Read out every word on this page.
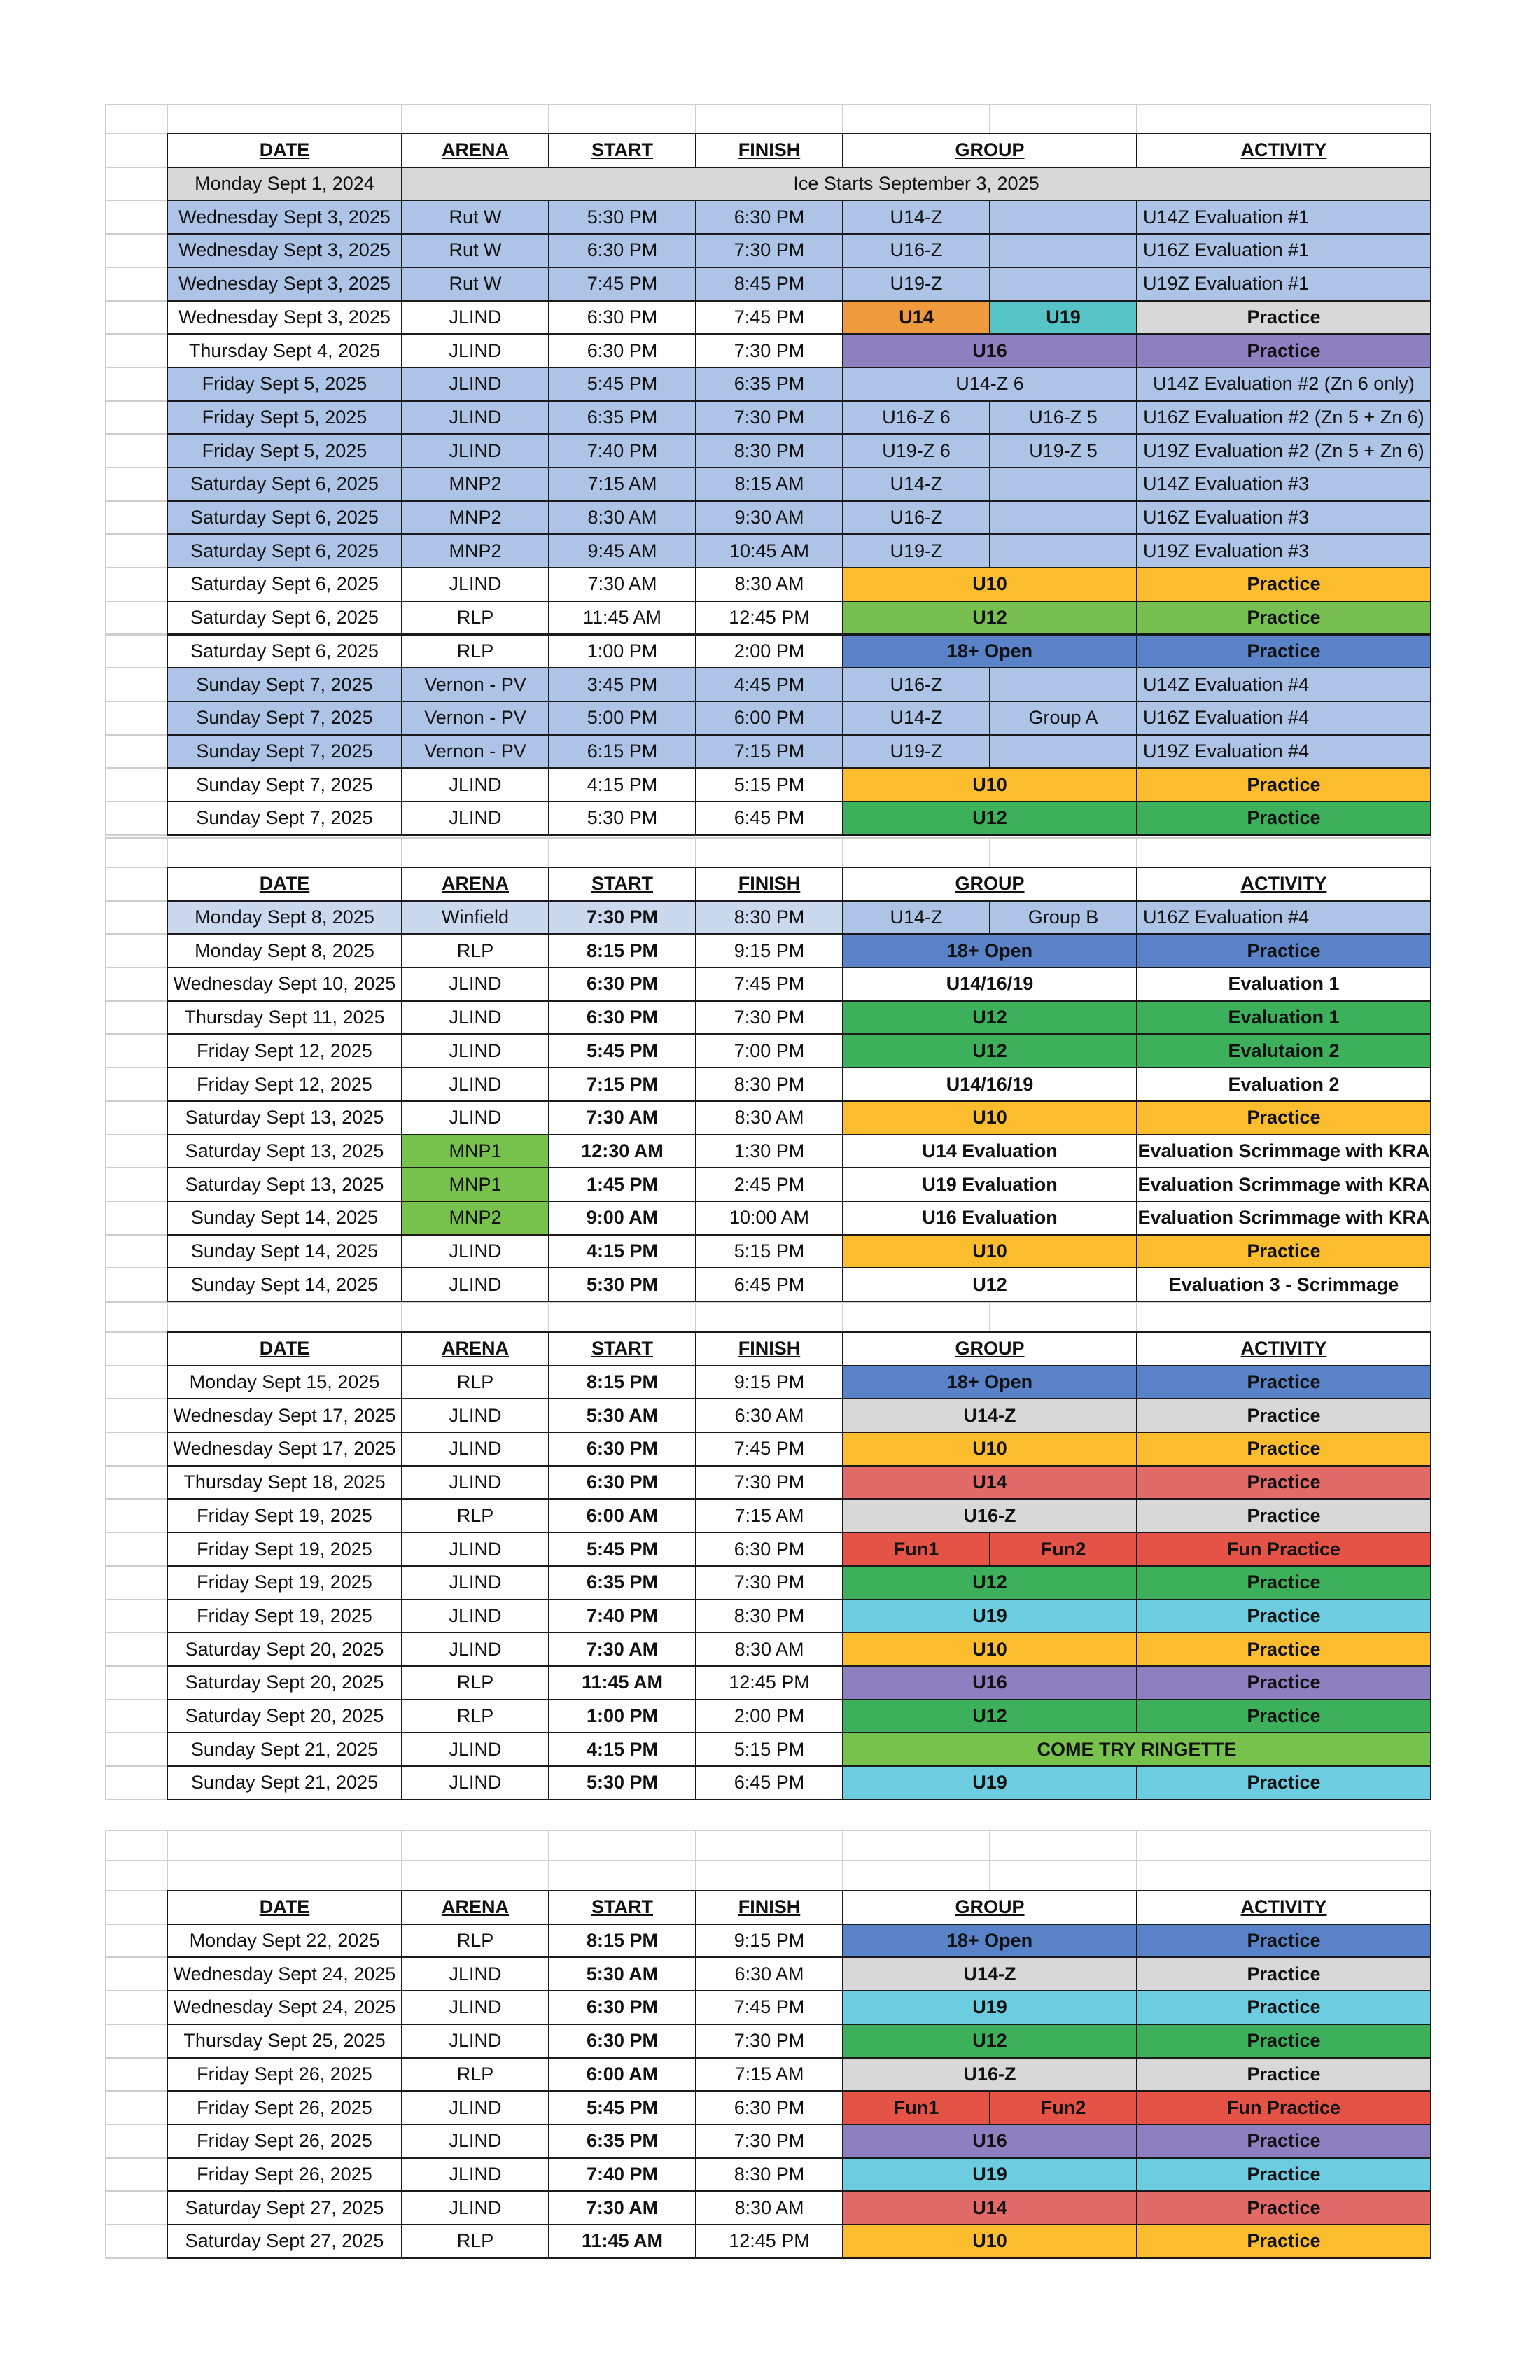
DATE	ARENA	START	FINISH	GROUP	ACTIVITY
Monday Sept 1, 2024	Ice Starts September 3, 2025
Wednesday Sept 3, 2025	Rut W	5:30 PM	6:30 PM	U14-Z	U14Z Evaluation #1
Wednesday Sept 3, 2025	Rut W	6:30 PM	7:30 PM	U16-Z	U16Z Evaluation #1
Wednesday Sept 3, 2025	Rut W	7:45 PM	8:45 PM	U19-Z	U19Z Evaluation #1
Wednesday Sept 3, 2025	JLIND	6:30 PM	7:45 PM	U14	U19	Practice
Thursday Sept 4, 2025	JLIND	6:30 PM	7:30 PM	U16	Practice
Friday Sept 5, 2025	JLIND	5:45 PM	6:35 PM	U14-Z 6	U14Z Evaluation #2 (Zn 6 only)
Friday Sept 5, 2025	JLIND	6:35 PM	7:30 PM	U16-Z 6	U16-Z 5	U16Z Evaluation #2 (Zn 5 + Zn 6)
Friday Sept 5, 2025	JLIND	7:40 PM	8:30 PM	U19-Z 6	U19-Z 5	U19Z Evaluation #2 (Zn 5 + Zn 6)
Saturday Sept 6, 2025	MNP2	7:15 AM	8:15 AM	U14-Z	U14Z Evaluation #3
Saturday Sept 6, 2025	MNP2	8:30 AM	9:30 AM	U16-Z	U16Z Evaluation #3
Saturday Sept 6, 2025	MNP2	9:45 AM	10:45 AM	U19-Z	U19Z Evaluation #3
Saturday Sept 6, 2025	JLIND	7:30 AM	8:30 AM	U10	Practice
Saturday Sept 6, 2025	RLP	11:45 AM	12:45 PM	U12	Practice
Saturday Sept 6, 2025	RLP	1:00 PM	2:00 PM	18+ Open	Practice
Sunday Sept 7, 2025	Vernon - PV	3:45 PM	4:45 PM	U16-Z	U14Z Evaluation #4
Sunday Sept 7, 2025	Vernon - PV	5:00 PM	6:00 PM	U14-Z	Group A	U16Z Evaluation #4
Sunday Sept 7, 2025	Vernon - PV	6:15 PM	7:15 PM	U19-Z	U19Z Evaluation #4
Sunday Sept 7, 2025	JLIND	4:15 PM	5:15 PM	U10	Practice
Sunday Sept 7, 2025	JLIND	5:30 PM	6:45 PM	U12	Practice
DATE	ARENA	START	FINISH	GROUP	ACTIVITY
Monday Sept 8, 2025	Winfield	7:30 PM	8:30 PM	U14-Z	Group B	U16Z Evaluation #4
Monday Sept 8, 2025	RLP	8:15 PM	9:15 PM	18+ Open	Practice
Wednesday Sept 10, 2025	JLIND	6:30 PM	7:45 PM	U14/16/19	Evaluation 1
Thursday Sept 11, 2025	JLIND	6:30 PM	7:30 PM	U12	Evaluation 1
Friday Sept 12, 2025	JLIND	5:45 PM	7:00 PM	U12	Evalutaion 2
Friday Sept 12, 2025	JLIND	7:15 PM	8:30 PM	U14/16/19	Evaluation 2
Saturday Sept 13, 2025	JLIND	7:30 AM	8:30 AM	U10	Practice
Saturday Sept 13, 2025	MNP1	12:30 AM	1:30 PM	U14 Evaluation	Evaluation Scrimmage with KRA
Saturday Sept 13, 2025	MNP1	1:45 PM	2:45 PM	U19 Evaluation	Evaluation Scrimmage with KRA
Sunday Sept 14, 2025	MNP2	9:00 AM	10:00 AM	U16 Evaluation	Evaluation Scrimmage with KRA
Sunday Sept 14, 2025	JLIND	4:15 PM	5:15 PM	U10	Practice
Sunday Sept 14, 2025	JLIND	5:30 PM	6:45 PM	U12	Evaluation 3 - Scrimmage
DATE	ARENA	START	FINISH	GROUP	ACTIVITY
Monday Sept 15, 2025	RLP	8:15 PM	9:15 PM	18+ Open	Practice
Wednesday Sept 17, 2025	JLIND	5:30 AM	6:30 AM	U14-Z	Practice
Wednesday Sept 17, 2025	JLIND	6:30 PM	7:45 PM	U10	Practice
Thursday Sept 18, 2025	JLIND	6:30 PM	7:30 PM	U14	Practice
Friday Sept 19, 2025	RLP	6:00 AM	7:15 AM	U16-Z	Practice
Friday Sept 19, 2025	JLIND	5:45 PM	6:30 PM	Fun1	Fun2	Fun Practice
Friday Sept 19, 2025	JLIND	6:35 PM	7:30 PM	U12	Practice
Friday Sept 19, 2025	JLIND	7:40 PM	8:30 PM	U19	Practice
Saturday Sept 20, 2025	JLIND	7:30 AM	8:30 AM	U10	Practice
Saturday Sept 20, 2025	RLP	11:45 AM	12:45 PM	U16	Practice
Saturday Sept 20, 2025	RLP	1:00 PM	2:00 PM	U12	Practice
Sunday Sept 21, 2025	JLIND	4:15 PM	5:15 PM	COME TRY RINGETTE
Sunday Sept 21, 2025	JLIND	5:30 PM	6:45 PM	U19	Practice
DATE	ARENA	START	FINISH	GROUP	ACTIVITY
Monday Sept 22, 2025	RLP	8:15 PM	9:15 PM	18+ Open	Practice
Wednesday Sept 24, 2025	JLIND	5:30 AM	6:30 AM	U14-Z	Practice
Wednesday Sept 24, 2025	JLIND	6:30 PM	7:45 PM	U19	Practice
Thursday Sept 25, 2025	JLIND	6:30 PM	7:30 PM	U12	Practice
Friday Sept 26, 2025	RLP	6:00 AM	7:15 AM	U16-Z	Practice
Friday Sept 26, 2025	JLIND	5:45 PM	6:30 PM	Fun1	Fun2	Fun Practice
Friday Sept 26, 2025	JLIND	6:35 PM	7:30 PM	U16	Practice
Friday Sept 26, 2025	JLIND	7:40 PM	8:30 PM	U19	Practice
Saturday Sept 27, 2025	JLIND	7:30 AM	8:30 AM	U14	Practice
Saturday Sept 27, 2025	RLP	11:45 AM	12:45 PM	U10	Practice
